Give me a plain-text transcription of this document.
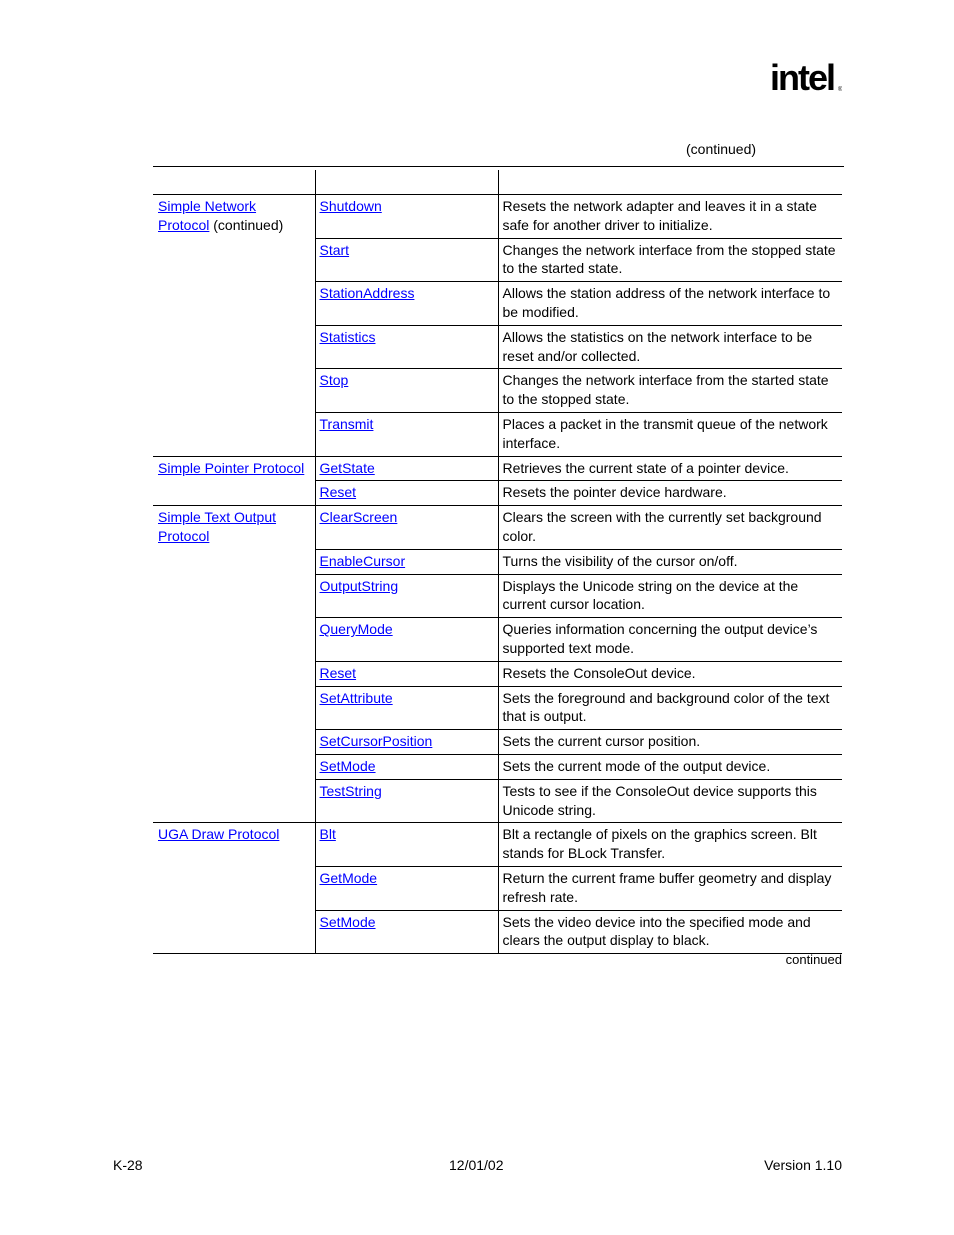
intel ®
(continued)

Simple Network Protocol (continued)	Shutdown	Resets the network adapter and leaves it in a state safe for another driver to initialize.
	Start	Changes the network interface from the stopped state to the started state.
	StationAddress	Allows the station address of the network interface to be modified.
	Statistics	Allows the statistics on the network interface to be reset and/or collected.
	Stop	Changes the network interface from the started state to the stopped state.
	Transmit	Places a packet in the transmit queue of the network interface.
Simple Pointer Protocol	GetState	Retrieves the current state of a pointer device.
	Reset	Resets the pointer device hardware.
Simple Text Output Protocol	ClearScreen	Clears the screen with the currently set background color.
	EnableCursor	Turns the visibility of the cursor on/off.
	OutputString	Displays the Unicode string on the device at the current cursor location.
	QueryMode	Queries information concerning the output device’s supported text mode.
	Reset	Resets the ConsoleOut device.
	SetAttribute	Sets the foreground and background color of the text that is output.
	SetCursorPosition	Sets the current cursor position.
	SetMode	Sets the current mode of the output device.
	TestString	Tests to see if the ConsoleOut device supports this Unicode string.
UGA Draw Protocol	Blt	Blt a rectangle of pixels on the graphics screen. Blt stands for BLock Transfer.
	GetMode	Return the current frame buffer geometry and display refresh rate.
	SetMode	Sets the video device into the specified mode and clears the output display to black.
continued
K-28	12/01/02	Version 1.10
